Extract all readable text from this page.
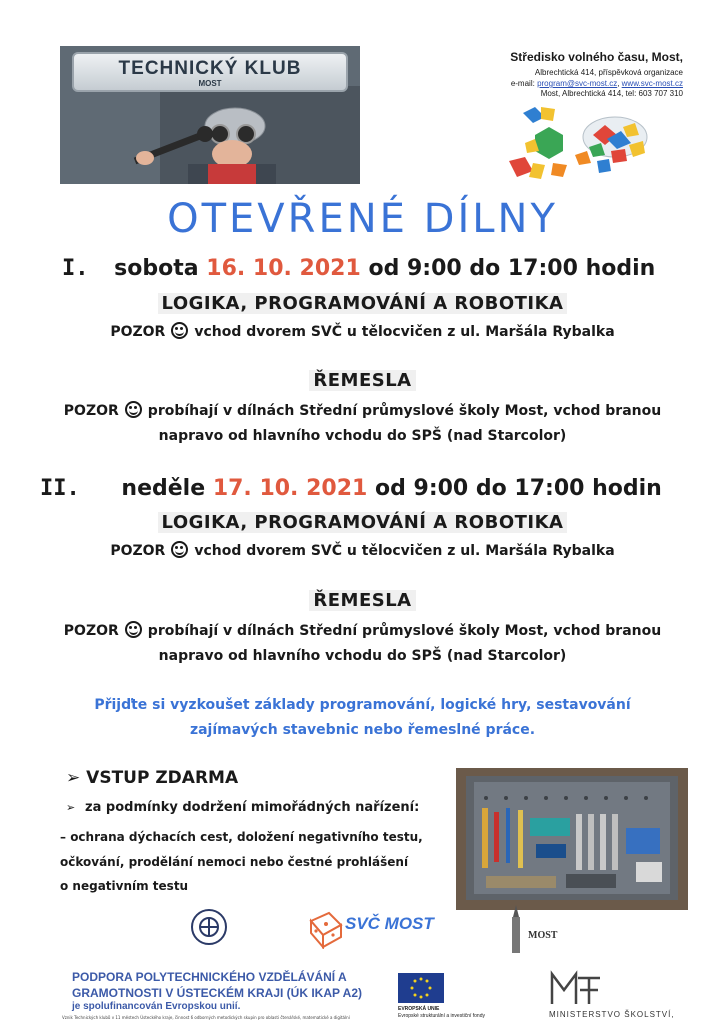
TECHNICKÝ KLUB
MOST
Středisko volného času, Most,
Albrechtická 414, příspěvková organizace
e-mail: program@svc-most.cz, www.svc-most.cz
Most, Albrechtická 414, tel: 603 707 310
OTEVŘENÉ DÍLNY
I. sobota 16. 10. 2021 od 9:00 do 17:00 hodin
LOGIKA, PROGRAMOVÁNÍ A ROBOTIKA
POZOR vchod dvorem SVČ u tělocvičen z ul. Maršála Rybalka
ŘEMESLA
POZOR probíhají v dílnách Střední průmyslové školy Most, vchod branou
napravo od hlavního vchodu do SPŠ (nad Starcolor)
II. neděle 17. 10. 2021 od 9:00 do 17:00 hodin
LOGIKA, PROGRAMOVÁNÍ A ROBOTIKA
POZOR vchod dvorem SVČ u tělocvičen z ul. Maršála Rybalka
ŘEMESLA
POZOR probíhají v dílnách Střední průmyslové školy Most, vchod branou
napravo od hlavního vchodu do SPŠ (nad Starcolor)
Přijďte si vyzkoušet základy programování, logické hry, sestavování
zajímavých stavebnic nebo řemeslné práce.
➢ VSTUP ZDARMA
➢ za podmínky dodržení mimořádných nařízení:
– ochrana dýchacích cest, doložení negativního testu,
očkování, prodělání nemoci nebo čestné prohlášení
o negativním testu
SVČ MOST
MOST
PODPORA POLYTECHNICKÉHO VZDĚLÁVÁNÍ A
GRAMOTNOSTI V ÚSTECKÉM KRAJI (ÚK IKAP A2)
je spolufinancován Evropskou unií.
Vznik Technických klubů v 11 městech Ústeckého kraje, činnost 6 odborných metodických skupin pro oblasti čtenářské, matematické a digitální
EVROPSKÁ UNIE
Evropské strukturální a investiční fondy	MINISTERSTVO ŠKOLSTVÍ,
